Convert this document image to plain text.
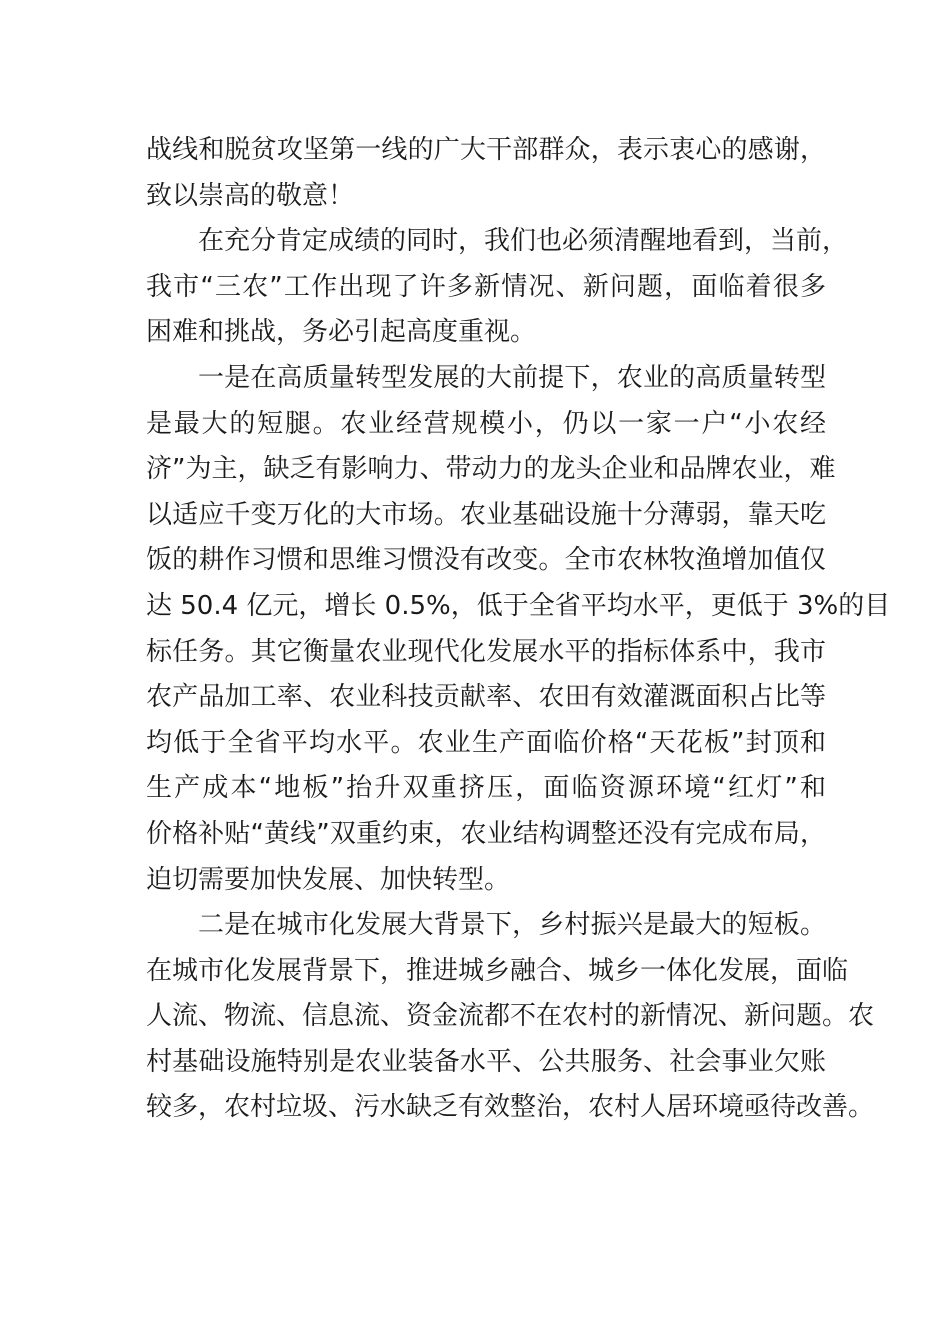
战线和脱贫攻坚第一线的广大干部群众，表示衷心的感谢，
致以崇高的敬意！
在充分肯定成绩的同时，我们也必须清醒地看到，当前，
我市“三农”工作出现了许多新情况、新问题，面临着很多
困难和挑战，务必引起高度重视。
一是在高质量转型发展的大前提下，农业的高质量转型
是最大的短腿。农业经营规模小，仍以一家一户“小农经
济”为主，缺乏有影响力、带动力的龙头企业和品牌农业，难
以适应千变万化的大市场。农业基础设施十分薄弱，靠天吃
饭的耕作习惯和思维习惯没有改变。全市农林牧渔增加值仅
达 50.4 亿元，增长 0.5%，低于全省平均水平，更低于 3%的目
标任务。其它衡量农业现代化发展水平的指标体系中，我市
农产品加工率、农业科技贡献率、农田有效灌溉面积占比等
均低于全省平均水平。农业生产面临价格“天花板”封顶和
生产成本“地板”抬升双重挤压，面临资源环境“红灯”和
价格补贴“黄线”双重约束，农业结构调整还没有完成布局，
迫切需要加快发展、加快转型。
二是在城市化发展大背景下，乡村振兴是最大的短板。
在城市化发展背景下，推进城乡融合、城乡一体化发展，面临
人流、物流、信息流、资金流都不在农村的新情况、新问题。农
村基础设施特别是农业装备水平、公共服务、社会事业欠账
较多，农村垃圾、污水缺乏有效整治，农村人居环境亟待改善。
